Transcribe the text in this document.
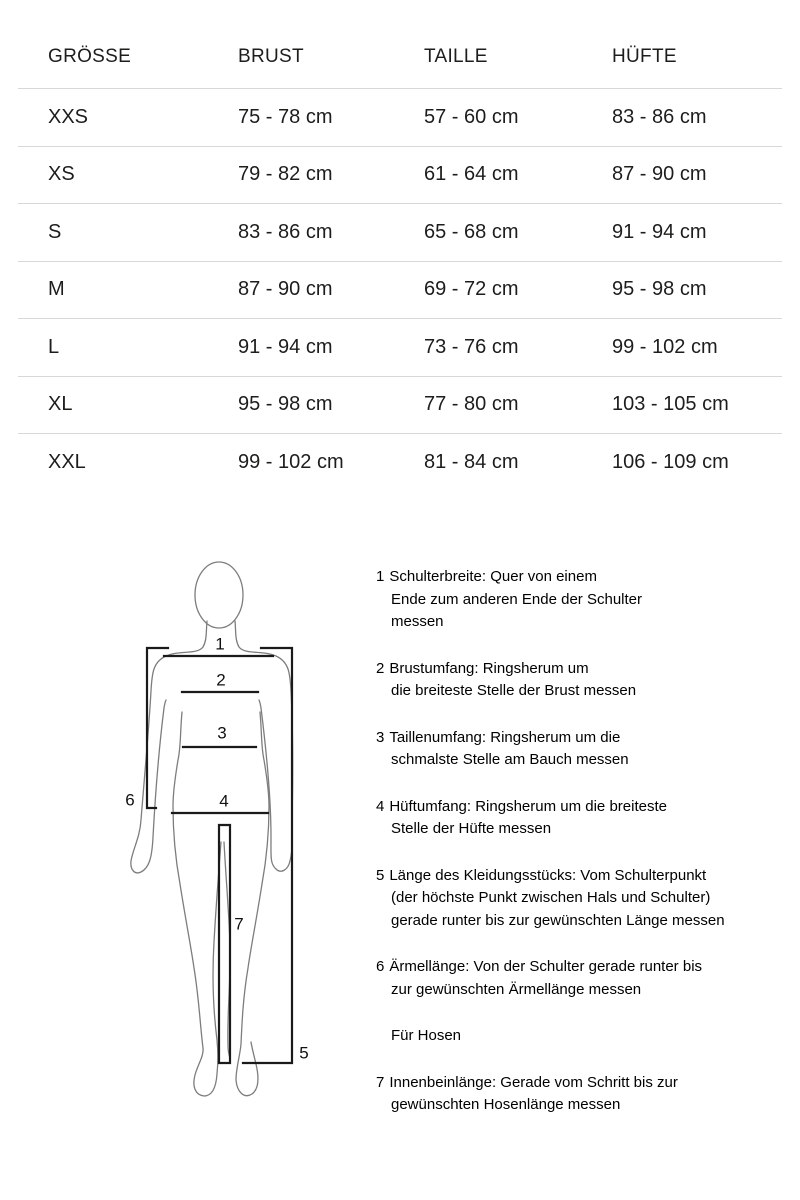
GRÖSSE	BRUST	TAILLE	HÜFTE
XXS	75 - 78 cm	57 - 60 cm	83 - 86 cm
XS	79 - 82 cm	61 - 64 cm	87 - 90 cm
S	83 - 86 cm	65 - 68 cm	91 - 94 cm
M	87 - 90 cm	69 - 72 cm	95 - 98 cm
L	91 - 94 cm	73 - 76 cm	99 - 102 cm
XL	95 - 98 cm	77 - 80 cm	103 - 105 cm
XXL	99 - 102 cm	81 - 84 cm	106 - 109 cm
1
2
3
4
5
6
7
1 Schulterbreite: Quer von einem
Ende zum anderen Ende der Schulter
messen
2 Brustumfang: Ringsherum um
die breiteste Stelle der Brust messen
3 Taillenumfang: Ringsherum um die
schmalste Stelle am Bauch messen
4 Hüftumfang: Ringsherum um die breiteste
Stelle der Hüfte messen
5 Länge des Kleidungsstücks: Vom Schulterpunkt
(der höchste Punkt zwischen Hals und Schulter)
gerade runter bis zur gewünschten Länge messen
6 Ärmellänge: Von der Schulter gerade runter bis
zur gewünschten Ärmellänge messen
Für Hosen
7 Innenbeinlänge: Gerade vom Schritt bis zur
gewünschten Hosenlänge messen
